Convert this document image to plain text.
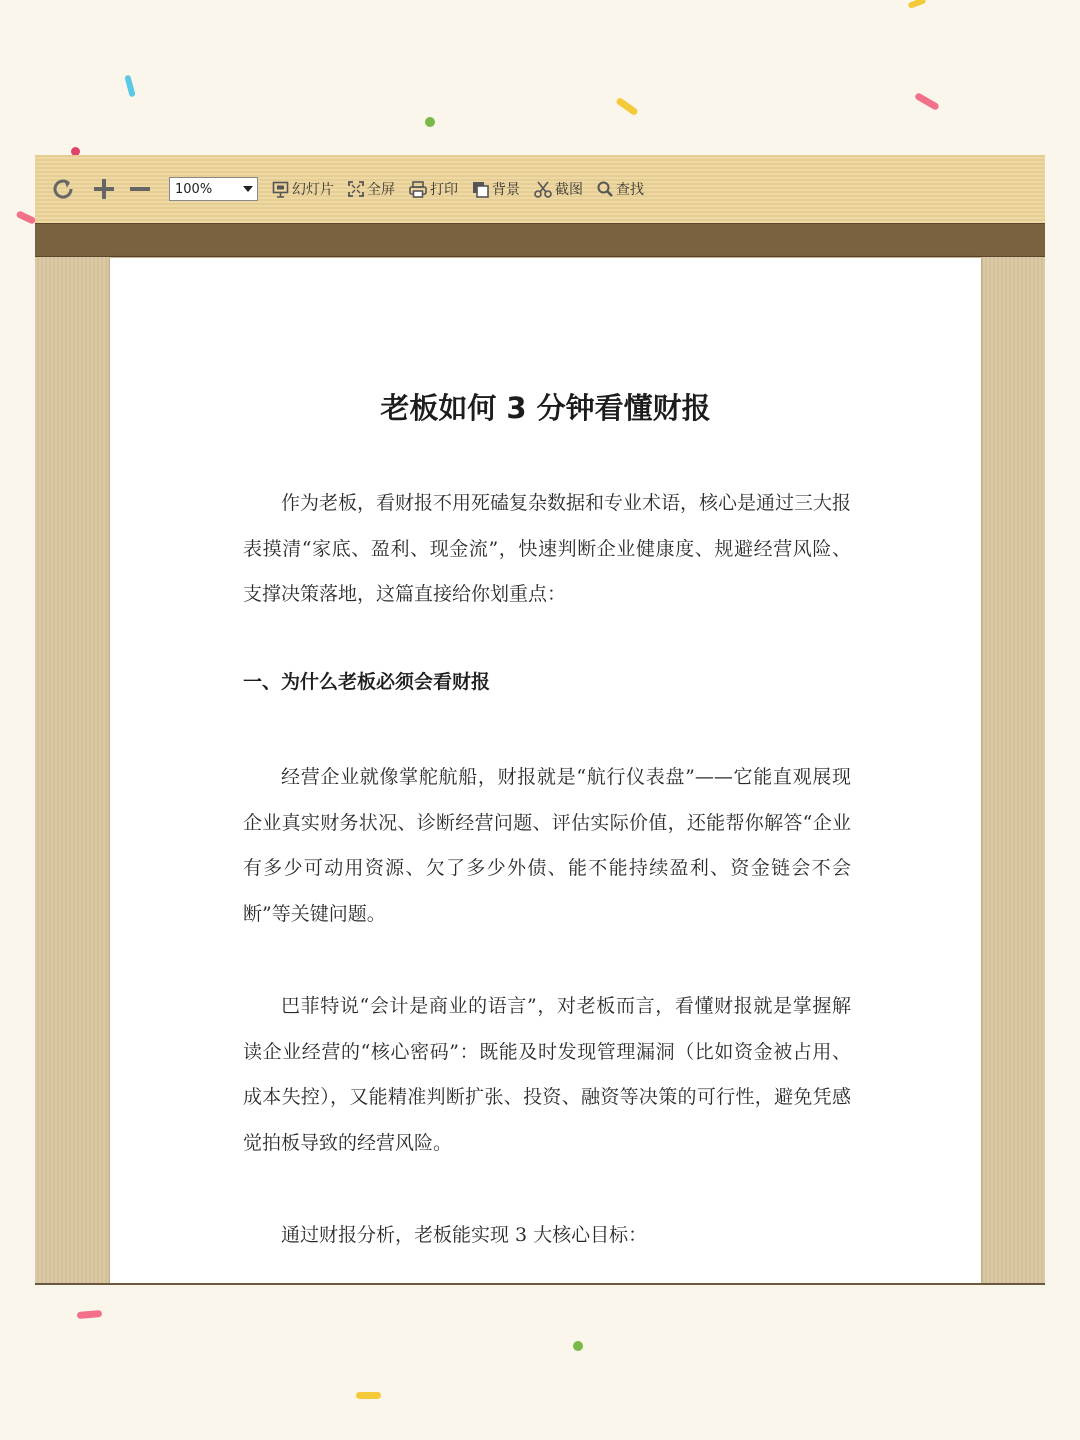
100%	幻灯片 全屏	打印 背景	截图 查找
老板如何 3 分钟看懂财报
作为老板，看财报不用死磕复杂数据和专业术语，核心是通过三大报表摸清“家底、盈利、现金流”，快速判断企业健康度、规避经营风险、支撑决策落地，这篇直接给你划重点：
一、为什么老板必须会看财报
经营企业就像掌舵航船，财报就是“航行仪表盘”——它能直观展现企业真实财务状况、诊断经营问题、评估实际价值，还能帮你解答“企业有多少可动用资源、欠了多少外债、能不能持续盈利、资金链会不会断”等关键问题。
巴菲特说“会计是商业的语言”，对老板而言，看懂财报就是掌握解读企业经营的“核心密码”：既能及时发现管理漏洞（比如资金被占用、成本失控），又能精准判断扩张、投资、融资等决策的可行性，避免凭感觉拍板导致的经营风险。
通过财报分析，老板能实现 3 大核心目标：
